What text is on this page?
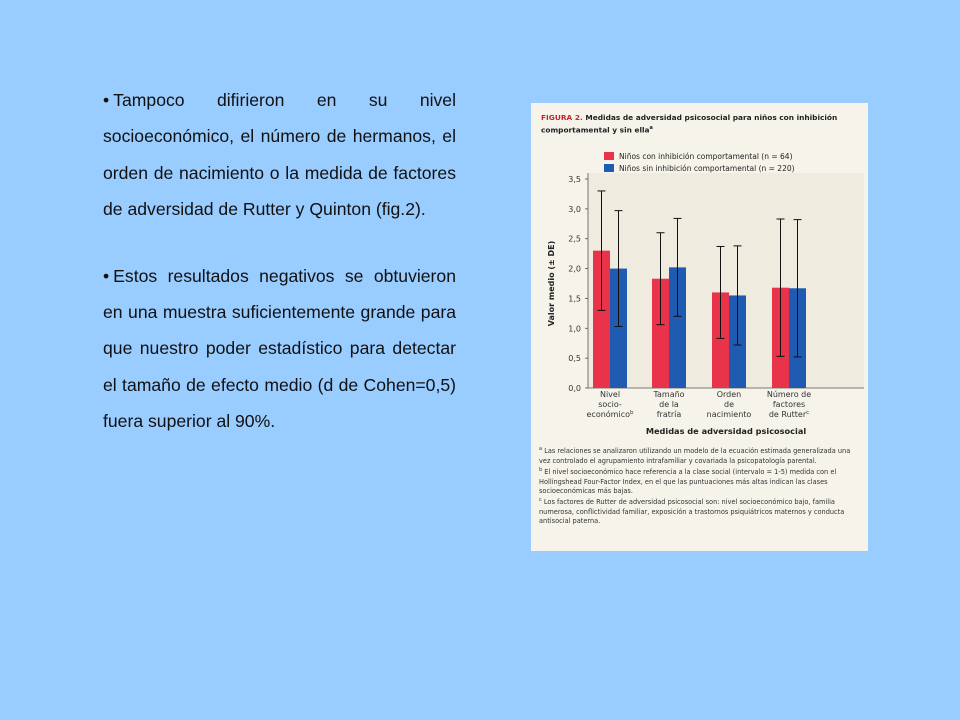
• Tampoco difirieron en su nivel socioeconómico, el número de hermanos, el orden de nacimiento o la medida de factores de adversidad de Rutter y Quinton (fig.2).

• Estos resultados negativos se obtuvieron en una muestra suficientemente grande para que nuestro poder estadístico para detectar el tamaño de efecto medio (d de Cohen=0,5) fuera superior al 90%.

0,0
0,5
1,0
1,5
2,0
2,5
3,0
3,5
Valor medio (± DE)
Niños con inhibición comportamental (n = 64)
Niños sin inhibición comportamental (n = 220)
Nivel
socio-
económico$^b$
Tamaño
de la
fratría
Orden
de
nacimiento
Número de
factores
de Rutter$^c$
Medidas de adversidad psicosocial
FIGURA 2. Medidas de adversidad psicosocial para niños con inhibición comportamental y sin ella$^a$

$^a$ Las relaciones se analizaron utilizando un modelo de la ecuación estimada generalizada una vez controlado el agrupamiento intrafamiliar y covariada la psicopatología parental.

$^b$ El nivel socioeconómico hace referencia a la clase social (intervalo = 1-5) medida con el Hollingshead Four-Factor Index, en el que las puntuaciones más altas indican las clases socioeconómicas más bajas.

$^c$ Los factores de Rutter de adversidad psicosocial son: nivel socioeconómico bajo, familia numerosa, conflictividad familiar, exposición a trastornos psiquiátricos maternos y conducta antisocial paterna.
